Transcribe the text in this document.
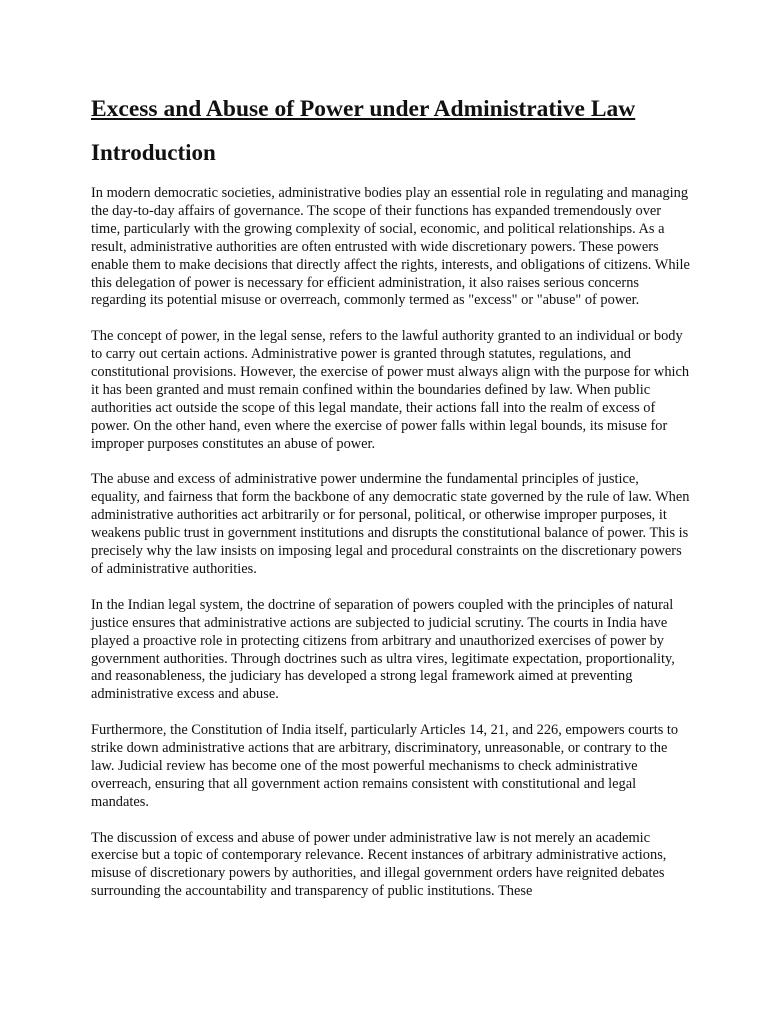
Excess and Abuse of Power under Administrative Law
Introduction

In modern democratic societies, administrative bodies play an essential role in regulating and managing the day-to-day affairs of governance. The scope of their functions has expanded tremendously over time, particularly with the growing complexity of social, economic, and political relationships. As a result, administrative authorities are often entrusted with wide discretionary powers. These powers enable them to make decisions that directly affect the rights, interests, and obligations of citizens. While this delegation of power is necessary for efficient administration, it also raises serious concerns regarding its potential misuse or overreach, commonly termed as "excess" or "abuse" of power.

The concept of power, in the legal sense, refers to the lawful authority granted to an individual or body to carry out certain actions. Administrative power is granted through statutes, regulations, and constitutional provisions. However, the exercise of power must always align with the purpose for which it has been granted and must remain confined within the boundaries defined by law. When public authorities act outside the scope of this legal mandate, their actions fall into the realm of excess of power. On the other hand, even where the exercise of power falls within legal bounds, its misuse for improper purposes constitutes an abuse of power.

The abuse and excess of administrative power undermine the fundamental principles of justice, equality, and fairness that form the backbone of any democratic state governed by the rule of law. When administrative authorities act arbitrarily or for personal, political, or otherwise improper purposes, it weakens public trust in government institutions and disrupts the constitutional balance of power. This is precisely why the law insists on imposing legal and procedural constraints on the discretionary powers of administrative authorities.

In the Indian legal system, the doctrine of separation of powers coupled with the principles of natural justice ensures that administrative actions are subjected to judicial scrutiny. The courts in India have played a proactive role in protecting citizens from arbitrary and unauthorized exercises of power by government authorities. Through doctrines such as ultra vires, legitimate expectation, proportionality, and reasonableness, the judiciary has developed a strong legal framework aimed at preventing administrative excess and abuse.

Furthermore, the Constitution of India itself, particularly Articles 14, 21, and 226, empowers courts to strike down administrative actions that are arbitrary, discriminatory, unreasonable, or contrary to the law. Judicial review has become one of the most powerful mechanisms to check administrative overreach, ensuring that all government action remains consistent with constitutional and legal mandates.

The discussion of excess and abuse of power under administrative law is not merely an academic exercise but a topic of contemporary relevance. Recent instances of arbitrary administrative actions, misuse of discretionary powers by authorities, and illegal government orders have reignited debates surrounding the accountability and transparency of public institutions. These
